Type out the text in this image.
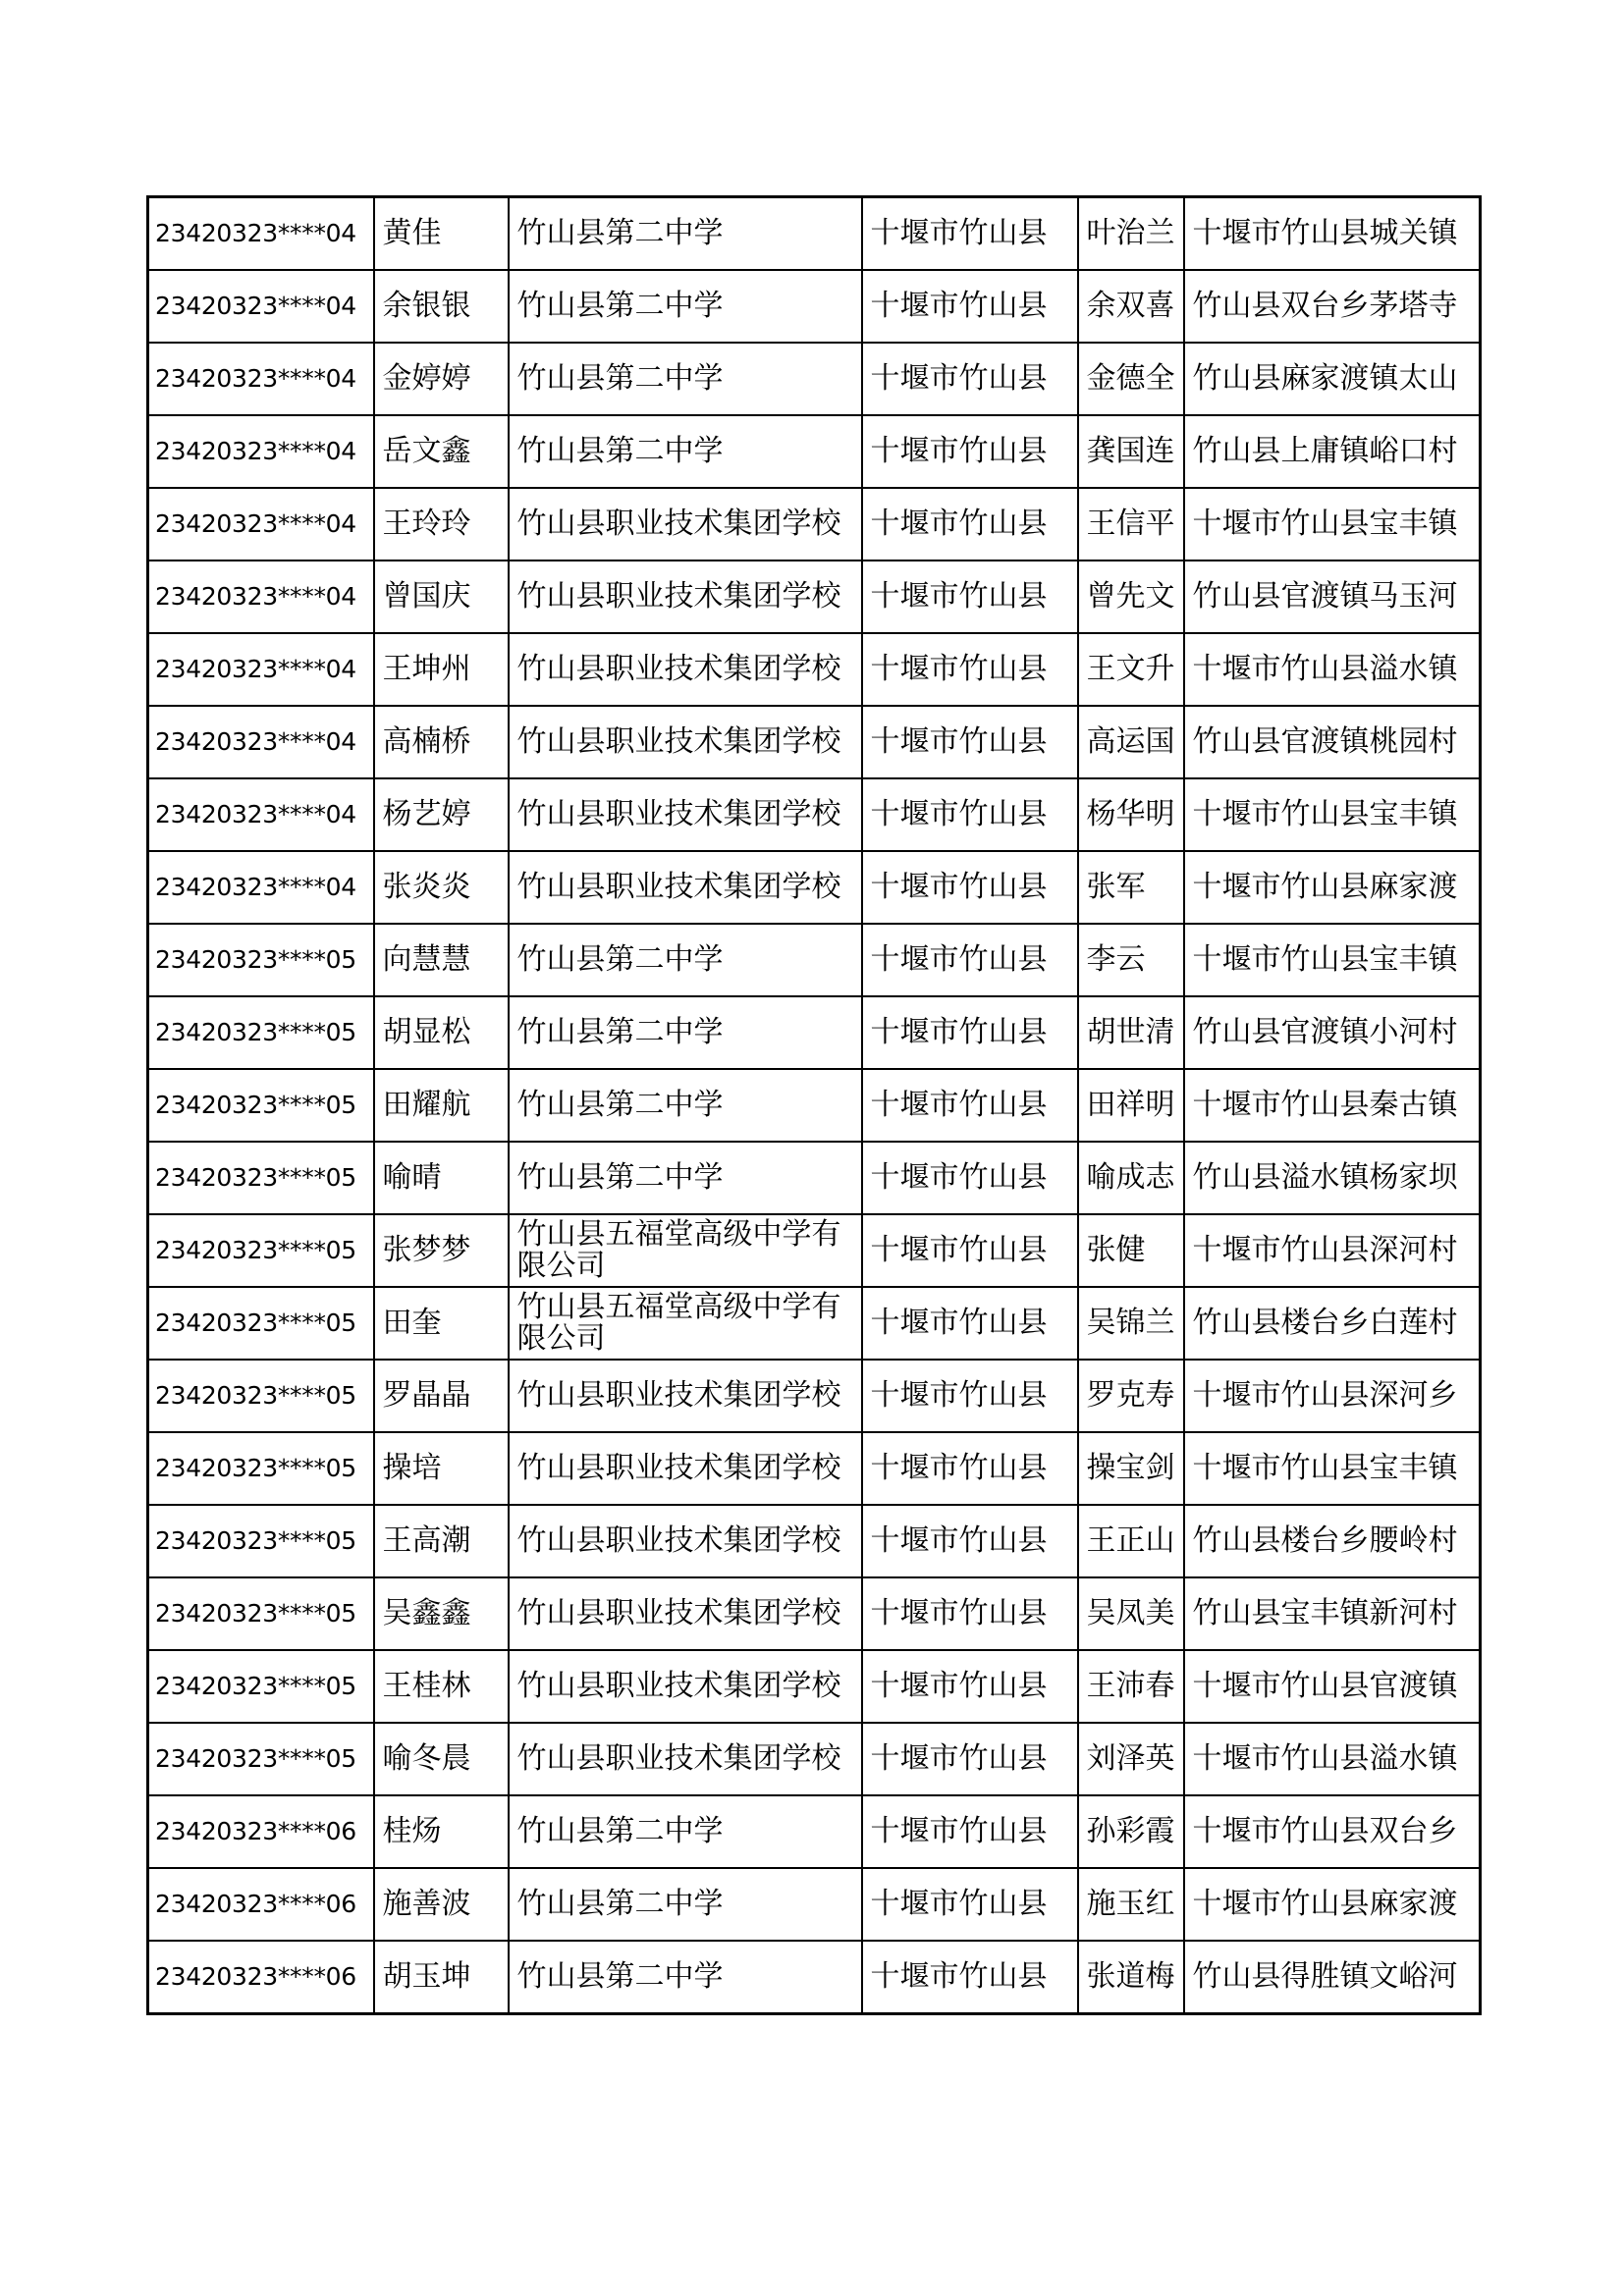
23420323****04	黄佳	竹山县第二中学	十堰市竹山县	叶治兰	十堰市竹山县城关镇
23420323****04	余银银	竹山县第二中学	十堰市竹山县	余双喜	竹山县双台乡茅塔寺
23420323****04	金婷婷	竹山县第二中学	十堰市竹山县	金德全	竹山县麻家渡镇太山
23420323****04	岳文鑫	竹山县第二中学	十堰市竹山县	龚国连	竹山县上庸镇峪口村
23420323****04	王玲玲	竹山县职业技术集团学校	十堰市竹山县	王信平	十堰市竹山县宝丰镇
23420323****04	曾国庆	竹山县职业技术集团学校	十堰市竹山县	曾先文	竹山县官渡镇马玉河
23420323****04	王坤州	竹山县职业技术集团学校	十堰市竹山县	王文升	十堰市竹山县溢水镇
23420323****04	高楠桥	竹山县职业技术集团学校	十堰市竹山县	高运国	竹山县官渡镇桃园村
23420323****04	杨艺婷	竹山县职业技术集团学校	十堰市竹山县	杨华明	十堰市竹山县宝丰镇
23420323****04	张炎炎	竹山县职业技术集团学校	十堰市竹山县	张军	十堰市竹山县麻家渡
23420323****05	向慧慧	竹山县第二中学	十堰市竹山县	李云	十堰市竹山县宝丰镇
23420323****05	胡显松	竹山县第二中学	十堰市竹山县	胡世清	竹山县官渡镇小河村
23420323****05	田耀航	竹山县第二中学	十堰市竹山县	田祥明	十堰市竹山县秦古镇
23420323****05	喻晴	竹山县第二中学	十堰市竹山县	喻成志	竹山县溢水镇杨家坝
23420323****05	张梦梦	竹山县五福堂高级中学有限公司	十堰市竹山县	张健	十堰市竹山县深河村
23420323****05	田奎	竹山县五福堂高级中学有限公司	十堰市竹山县	吴锦兰	竹山县楼台乡白莲村
23420323****05	罗晶晶	竹山县职业技术集团学校	十堰市竹山县	罗克寿	十堰市竹山县深河乡
23420323****05	操培	竹山县职业技术集团学校	十堰市竹山县	操宝剑	十堰市竹山县宝丰镇
23420323****05	王高潮	竹山县职业技术集团学校	十堰市竹山县	王正山	竹山县楼台乡腰岭村
23420323****05	吴鑫鑫	竹山县职业技术集团学校	十堰市竹山县	吴凤美	竹山县宝丰镇新河村
23420323****05	王桂林	竹山县职业技术集团学校	十堰市竹山县	王沛春	十堰市竹山县官渡镇
23420323****05	喻冬晨	竹山县职业技术集团学校	十堰市竹山县	刘泽英	十堰市竹山县溢水镇
23420323****06	桂炀	竹山县第二中学	十堰市竹山县	孙彩霞	十堰市竹山县双台乡
23420323****06	施善波	竹山县第二中学	十堰市竹山县	施玉红	十堰市竹山县麻家渡
23420323****06	胡玉坤	竹山县第二中学	十堰市竹山县	张道梅	竹山县得胜镇文峪河
